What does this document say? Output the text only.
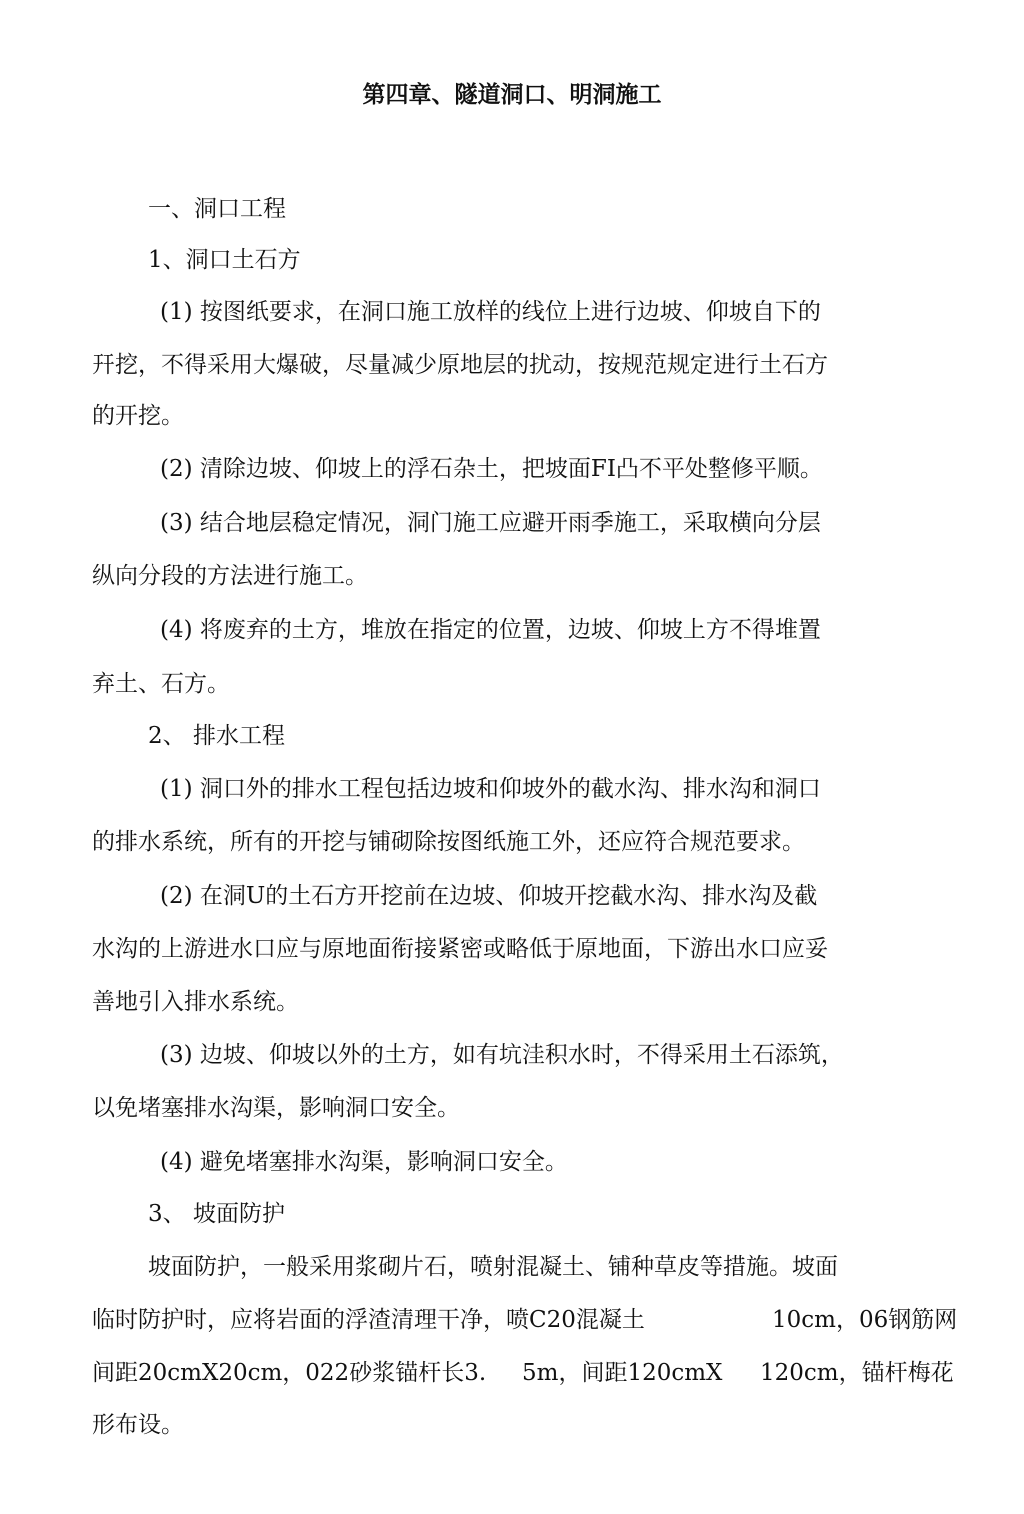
第四章、隧道洞口、明洞施工
一、洞口工程
1、洞口土石方
(1) 按图纸要求，在洞口施工放样的线位上进行边坡、仰坡自下的
幵挖，不得采用大爆破，尽量减少原地层的扰动，按规范规定进行土石方
的开挖。
(2) 清除边坡、仰坡上的浮石杂土，把坡面FI凸不平处整修平顺。
(3) 结合地层稳定情况，洞门施工应避开雨季施工，采取横向分层
纵向分段的方法进行施工。
(4) 将废弃的土方，堆放在指定的位置，边坡、仰坡上方不得堆置
弃土、石方。
2、 排水工程
(1) 洞口外的排水工程包括边坡和仰坡外的截水沟、排水沟和洞口
的排水系统，所有的开挖与铺砌除按图纸施工外，还应符合规范要求。
(2) 在洞U的土石方开挖前在边坡、仰坡开挖截水沟、排水沟及截
水沟的上游进水口应与原地面衔接紧密或略低于原地面，下游出水口应妥
善地引入排水系统。
(3) 边坡、仰坡以外的土方，如有坑洼积水时，不得采用土石添筑，
以免堵塞排水沟渠，影响洞口安全。
(4) 避免堵塞排水沟渠，影响洞口安全。
3、 坡面防护
坡面防护，一般采用浆砌片石，喷射混凝土、铺种草皮等措施。坡面
临时防护时，应将岩面的浮渣清理干净，喷C20混凝土	10cm，06钢筋网
间距20cmX20cm，022砂浆锚杆长3. 5m，间距120cmX 120cm，锚杆梅花
形布设。
